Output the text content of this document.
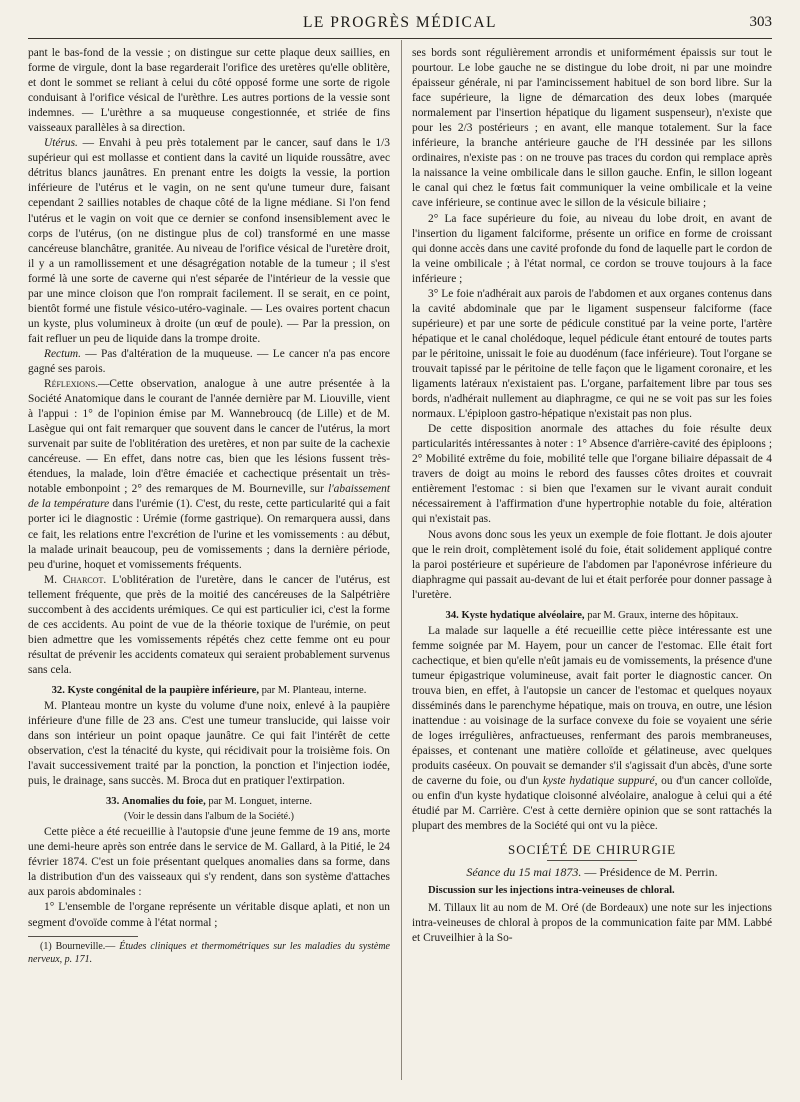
LE PROGRÈS MÉDICAL	303

pant le bas-fond de la vessie ; on distingue sur cette plaque deux saillies, en forme de virgule, dont la base regarderait l'orifice des uretères qu'elle oblitère, et dont le sommet se reliant à celui du côté opposé forme une sorte de rigole conduisant à l'orifice vésical de l'urèthre. Les autres portions de la vessie sont indemnes. — L'urèthre a sa muqueuse congestionnée, et striée de fins vaisseaux parallèles à sa direction.

Utérus. — Envahi à peu près totalement par le cancer, sauf dans le 1/3 supérieur qui est mollasse et contient dans la cavité un liquide roussâtre, avec détritus blancs jaunâtres. En prenant entre les doigts la vessie, la portion inférieure de l'utérus et le vagin, on ne sent qu'une tumeur dure, faisant cependant 2 saillies notables de chaque côté de la ligne médiane. Si l'on fend l'utérus et le vagin on voit que ce dernier se confond insensiblement avec le corps de l'utérus, (on ne distingue plus de col) transformé en une masse cancéreuse blanchâtre, granitée. Au niveau de l'orifice vésical de l'uretère droit, il y a un ramollissement et une désagrégation notable de la tumeur ; il s'est formé là une sorte de caverne qui n'est séparée de l'intérieur de la vessie que par une mince cloison que l'on romprait facilement. Il se serait, en ce point, bientôt formé une fistule vésico-utéro-vaginale. — Les ovaires portent chacun un kyste, plus volumineux à droite (un œuf de poule). — Par la pression, on fait refluer un peu de liquide dans la trompe droite.

Rectum. — Pas d'altération de la muqueuse. — Le cancer n'a pas encore gagné ses parois.

Réflexions.—Cette observation, analogue à une autre présentée à la Société Anatomique dans le courant de l'année dernière par M. Liouville, vient à l'appui : 1° de l'opinion émise par M. Wannebroucq (de Lille) et de M. Lasègue qui ont fait remarquer que souvent dans le cancer de l'utérus, la mort survenait par suite de l'oblitération des uretères, et non par suite de la cachexie cancéreuse. — En effet, dans notre cas, bien que les lésions fussent très-étendues, la malade, loin d'être émaciée et cachectique présentait un très-notable embonpoint ; 2° des remarques de M. Bourneville, sur l'abaissement de la température dans l'urémie (1). C'est, du reste, cette particularité qui a fait porter ici le diagnostic : Urémie (forme gastrique). On remarquera aussi, dans ce fait, les relations entre l'excrétion de l'urine et les vomissements : au début, la malade urinait beaucoup, peu de vomissements ; dans la dernière période, peu d'urine, hoquet et vomissements fréquents.

M. Charcot. L'oblitération de l'uretère, dans le cancer de l'utérus, est tellement fréquente, que près de la moitié des cancéreuses de la Salpétrière succombent à des accidents urémiques. Ce qui est particulier ici, c'est la forme de ces accidents. Au point de vue de la théorie toxique de l'urémie, on peut bien admettre que les vomissements répétés chez cette femme ont eu pour résultat de prévenir les accidents comateux qui seraient probablement survenus sans cela.

32. Kyste congénital de la paupière inférieure, par M. Planteau, interne.

M. Planteau montre un kyste du volume d'une noix, enlevé à la paupière inférieure d'une fille de 23 ans. C'est une tumeur translucide, qui laisse voir dans son intérieur un point opaque jaunâtre. Ce qui fait l'intérêt de cette observation, c'est la ténacité du kyste, qui récidivait pour la troisième fois. On l'avait successivement traité par la ponction, la ponction et l'injection iodée, puis, le drainage, sans succès. M. Broca dut en pratiquer l'extirpation.

33. Anomalies du foie, par M. Longuet, interne.
(Voir le dessin dans l'album de la Société.)

Cette pièce a été recueillie à l'autopsie d'une jeune femme de 19 ans, morte une demi-heure après son entrée dans le service de M. Gallard, à la Pitié, le 24 février 1874. C'est un foie présentant quelques anomalies dans sa forme, dans la distribution d'un des vaisseaux qui s'y rendent, dans son système d'attaches aux parois abdominales :

1° L'ensemble de l'organe représente un véritable disque aplati, et non un segment d'ovoïde comme à l'état normal ;

(1) Bourneville.— Études cliniques et thermométriques sur les maladies du système nerveux, p. 171.

ses bords sont régulièrement arrondis et uniformément épaissis sur tout le pourtour. Le lobe gauche ne se distingue du lobe droit, ni par une moindre épaisseur générale, ni par l'amincissement habituel de son bord libre. Sur la face supérieure, la ligne de démarcation des deux lobes (marquée normalement par l'insertion hépatique du ligament suspenseur), n'existe que pour les 2/3 postérieurs ; en avant, elle manque totalement. Sur la face inférieure, la branche antérieure gauche de l'H dessinée par les sillons ordinaires, n'existe pas : on ne trouve pas traces du cordon qui remplace après la naissance la veine ombilicale dans le sillon gauche. Enfin, le sillon logeant le canal qui chez le fœtus fait communiquer la veine ombilicale et la veine cave inférieure, se continue avec le sillon de la vésicule biliaire ;

2° La face supérieure du foie, au niveau du lobe droit, en avant de l'insertion du ligament falciforme, présente un orifice en forme de croissant qui donne accès dans une cavité profonde du fond de laquelle part le cordon de la veine ombilicale ; à l'état normal, ce cordon se trouve toujours à la face inférieure ;

3° Le foie n'adhérait aux parois de l'abdomen et aux organes contenus dans la cavité abdominale que par le ligament suspenseur falciforme (face supérieure) et par une sorte de pédicule constitué par la veine porte, l'artère hépatique et le canal cholédoque, lequel pédicule étant entouré de toutes parts par le péritoine, unissait le foie au duodénum (face inférieure). Tout l'organe se trouvait tapissé par le péritoine de telle façon que le ligament coronaire, et les ligaments latéraux n'existaient pas. L'organe, parfaitement libre par tous ses bords, n'adhérait nullement au diaphragme, ce qui ne se voit pas sur les foies normaux. L'épiploon gastro-hépatique n'existait pas non plus.

De cette disposition anormale des attaches du foie résulte deux particularités intéressantes à noter : 1° Absence d'arrière-cavité des épiploons ; 2° Mobilité extrême du foie, mobilité telle que l'organe biliaire dépassait de 4 travers de doigt au moins le rebord des fausses côtes droites et couvrait entièrement l'estomac : si bien que l'examen sur le vivant aurait conduit nécessairement à l'affirmation d'une hypertrophie notable du foie, altération qui n'existait pas.

Nous avons donc sous les yeux un exemple de foie flottant. Je dois ajouter que le rein droit, complètement isolé du foie, était solidement appliqué contre la paroi postérieure et supérieure de l'abdomen par l'aponévrose inférieure du diaphragme qui passait au-devant de lui et était perforée pour donner passage à l'uretère.

34. Kyste hydatique alvéolaire, par M. Graux, interne des hôpitaux.

La malade sur laquelle a été recueillie cette pièce intéressante est une femme soignée par M. Hayem, pour un cancer de l'estomac. Elle était fort cachectique, et bien qu'elle n'eût jamais eu de vomissements, la présence d'une tumeur épigastrique volumineuse, avait fait porter le diagnostic cancer. On trouva bien, en effet, à l'autopsie un cancer de l'estomac et quelques noyaux disséminés dans le parenchyme hépatique, mais on trouva, en outre, une lésion inattendue : au voisinage de la surface convexe du foie se voyaient une série de loges irrégulières, anfractueuses, renfermant des parois membraneuses, épaisses, et contenant une matière colloïde et gélatineuse, avec quelques produits caséeux. On pouvait se demander s'il s'agissait d'un abcès, d'une sorte de caverne du foie, ou d'un kyste hydatique suppuré, ou d'un cancer colloïde, ou enfin d'un kyste hydatique cloisonné alvéolaire, analogue à celui qui a été étudié par M. Carrière. C'est à cette dernière opinion que se sont rattachés la plupart des membres de la Société qui ont vu la pièce.

SOCIÉTÉ DE CHIRURGIE
Séance du 15 mai 1873. — Présidence de M. Perrin.
Discussion sur les injections intra-veineuses de chloral.

M. Tillaux lit au nom de M. Oré (de Bordeaux) une note sur les injections intra-veineuses de chloral à propos de la communication faite par MM. Labbé et Cruveilhier à la So-
